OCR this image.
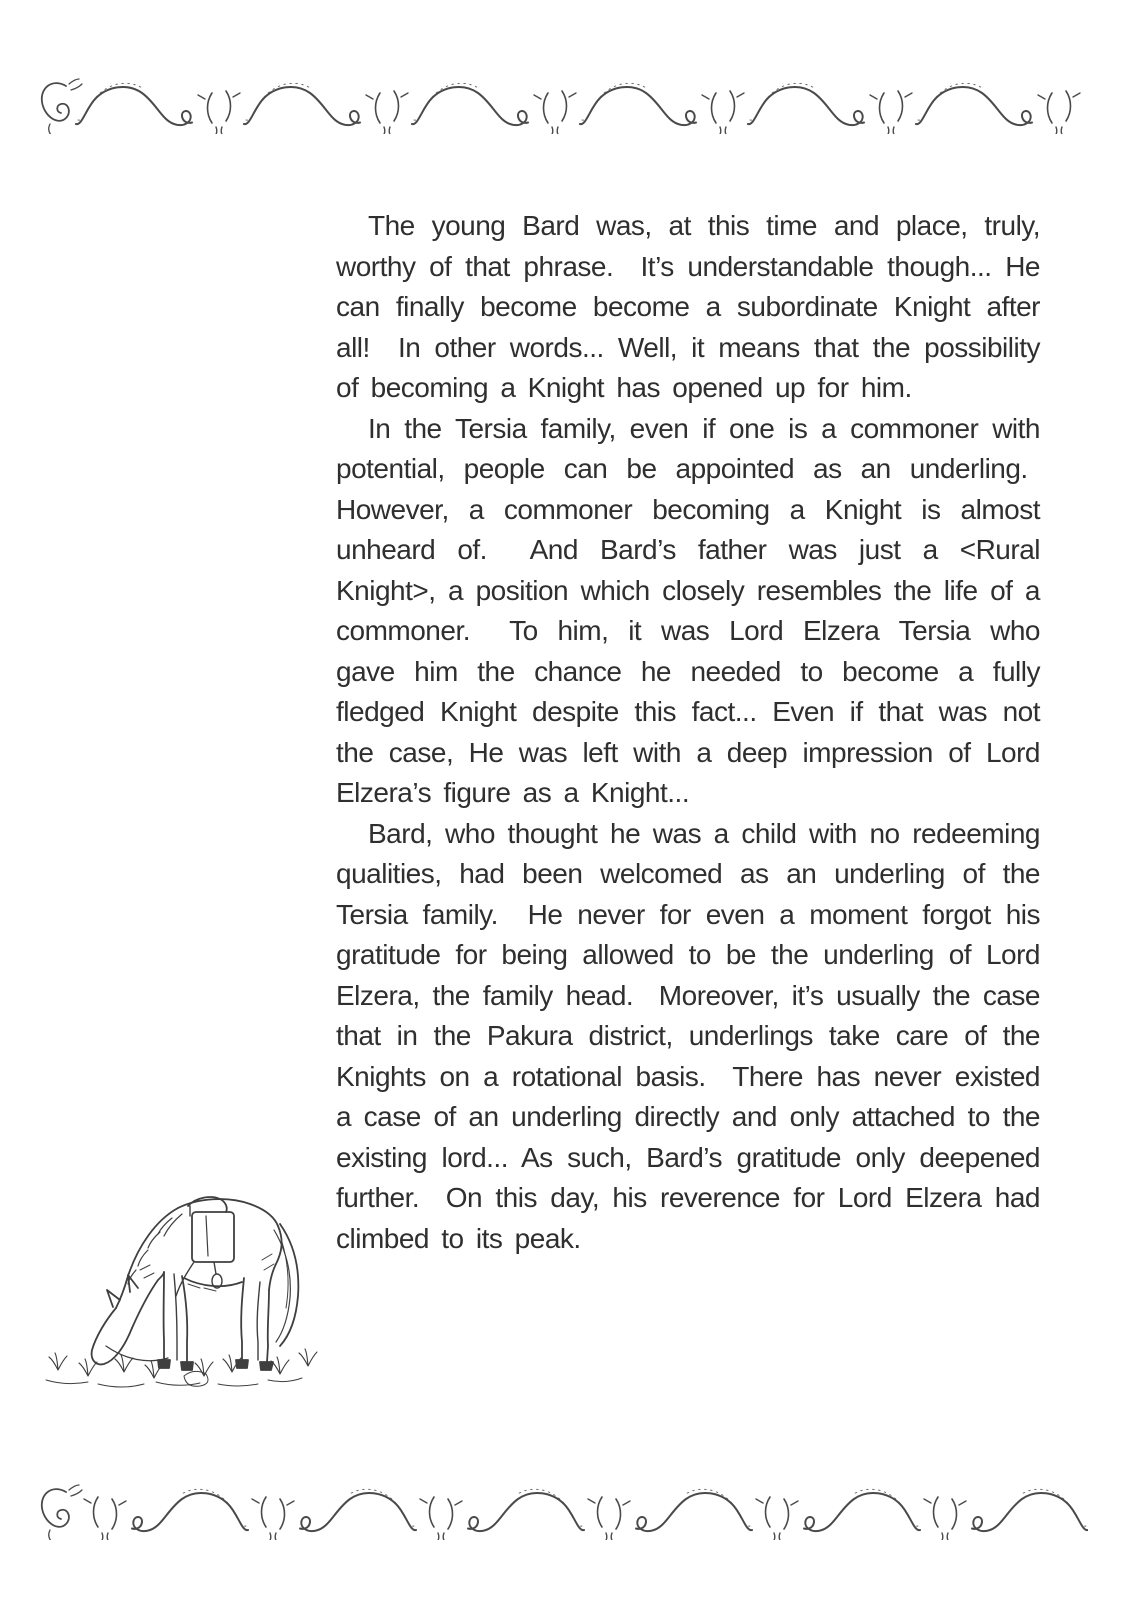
The young Bard was, at this time and place, truly, worthy of that phrase.  It’s understandable though... He can finally become become a subordinate Knight after all!  In other words... Well, it means that the possibility of becoming a Knight has opened up for him.

In the Tersia family, even if one is a commoner with potential, people can be appointed as an underling.  However, a commoner becoming a Knight is almost unheard of.  And Bard’s father was just a <Rural Knight>, a position which closely resembles the life of a commoner.  To him, it was Lord Elzera Tersia who gave him the chance he needed to become a fully fledged Knight despite this fact... Even if that was not the case, He was left with a deep impression of Lord Elzera’s figure as a Knight...

Bard, who thought he was a child with no redeeming qualities, had been welcomed as an underling of the Tersia family.  He never for even a moment forgot his gratitude for being allowed to be the underling of Lord Elzera, the family head.  Moreover, it’s usually the case that in the Pakura district, underlings take care of the Knights on a rotational basis.  There has never existed a case of an underling directly and only attached to the existing lord... As such, Bard’s gratitude only deepened further.  On this day, his reverence for Lord Elzera had climbed to its peak.
